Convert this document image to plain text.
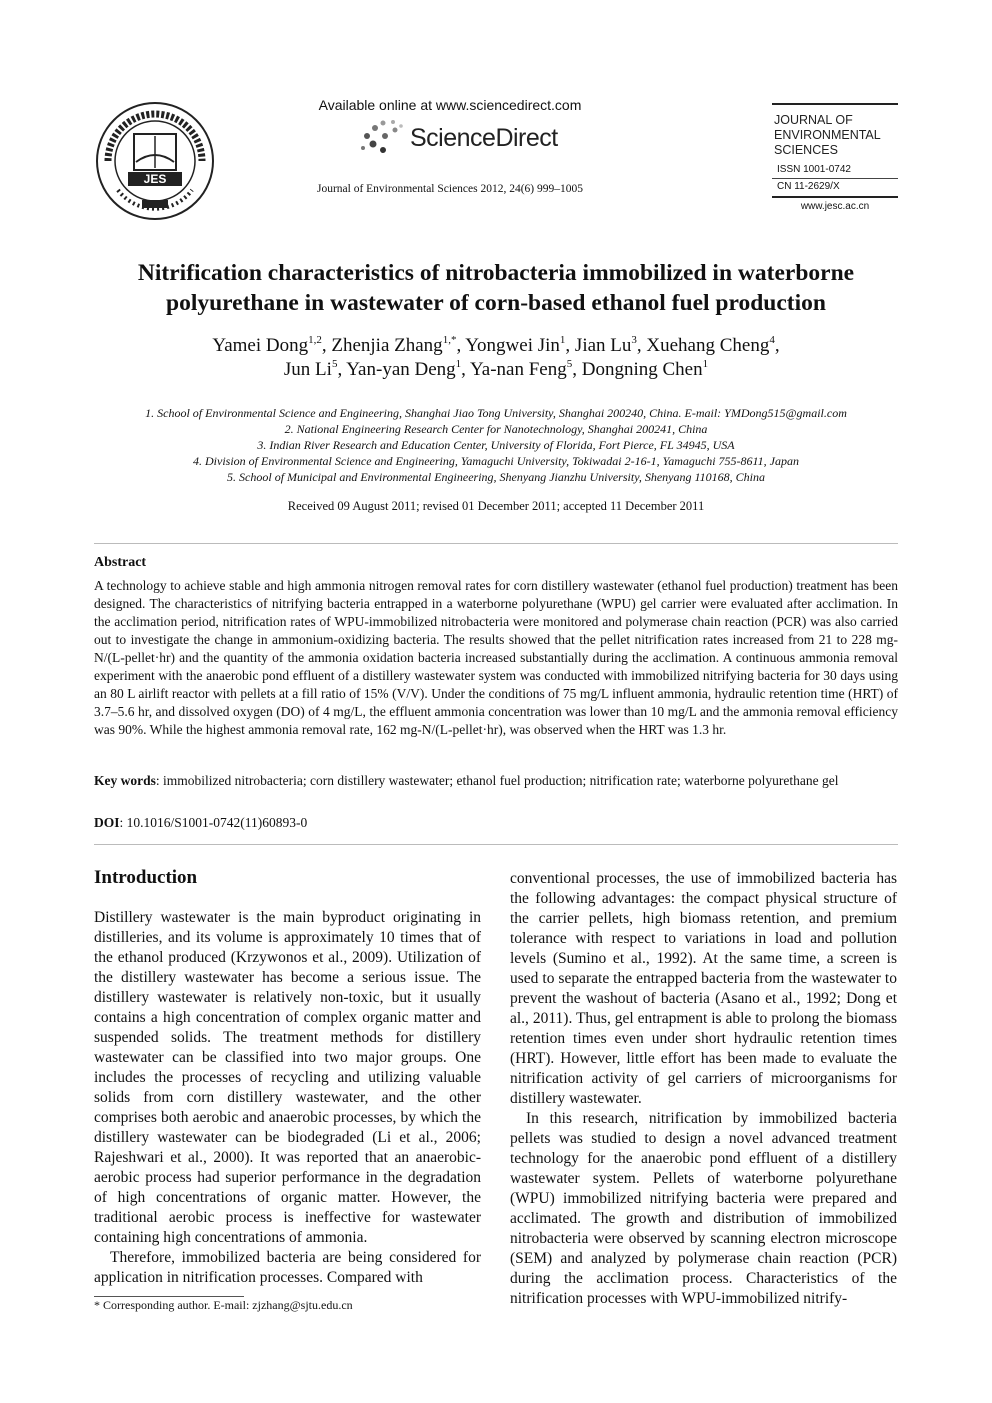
JES
Available online at www.sciencedirect.com
ScienceDirect
Journal of Environmental Sciences 2012, 24(6) 999–1005
JOURNAL OF
ENVIRONMENTAL
SCIENCES
ISSN 1001-0742
CN 11-2629/X
www.jesc.ac.cn
Nitrification characteristics of nitrobacteria immobilized in waterborne
polyurethane in wastewater of corn-based ethanol fuel production
Yamei Dong$^{1,2}$, Zhenjia Zhang$^{1,*}$, Yongwei Jin$^1$, Jian Lu$^3$, Xuehang Cheng$^4$,
Jun Li$^5$, Yan-yan Deng$^1$, Ya-nan Feng$^5$, Dongning Chen$^1$
1. School of Environmental Science and Engineering, Shanghai Jiao Tong University, Shanghai 200240, China. E-mail: YMDong515@gmail.com
2. National Engineering Research Center for Nanotechnology, Shanghai 200241, China
3. Indian River Research and Education Center, University of Florida, Fort Pierce, FL 34945, USA
4. Division of Environmental Science and Engineering, Yamaguchi University, Tokiwadai 2-16-1, Yamaguchi 755-8611, Japan
5. School of Municipal and Environmental Engineering, Shenyang Jianzhu University, Shenyang 110168, China
Received 09 August 2011; revised 01 December 2011; accepted 11 December 2011
Abstract
A technology to achieve stable and high ammonia nitrogen removal rates for corn distillery wastewater (ethanol fuel production) treatment has been designed. The characteristics of nitrifying bacteria entrapped in a waterborne polyurethane (WPU) gel carrier were evaluated after acclimation. In the acclimation period, nitrification rates of WPU-immobilized nitrobacteria were monitored and polymerase chain reaction (PCR) was also carried out to investigate the change in ammonium-oxidizing bacteria. The results showed that the pellet nitrification rates increased from 21 to 228 mg-N/(L-pellet·hr) and the quantity of the ammonia oxidation bacteria increased substantially during the acclimation. A continuous ammonia removal experiment with the anaerobic pond effluent of a distillery wastewater system was conducted with immobilized nitrifying bacteria for 30 days using an 80 L airlift reactor with pellets at a fill ratio of 15% (V/V). Under the conditions of 75 mg/L influent ammonia, hydraulic retention time (HRT) of 3.7–5.6 hr, and dissolved oxygen (DO) of 4 mg/L, the effluent ammonia concentration was lower than 10 mg/L and the ammonia removal efficiency was 90%. While the highest ammonia removal rate, 162 mg-N/(L-pellet·hr), was observed when the HRT was 1.3 hr.
Key words: immobilized nitrobacteria; corn distillery wastewater; ethanol fuel production; nitrification rate; waterborne polyurethane gel
DOI: 10.1016/S1001-0742(11)60893-0
Introduction

Distillery wastewater is the main byproduct originating in distilleries, and its volume is approximately 10 times that of the ethanol produced (Krzywonos et al., 2009). Utilization of the distillery wastewater has become a serious issue. The distillery wastewater is relatively non-toxic, but it usually contains a high concentration of complex organic matter and suspended solids. The treatment methods for distillery wastewater can be classified into two major groups. One includes the processes of recycling and utilizing valuable solids from corn distillery wastewater, and the other comprises both aerobic and anaerobic processes, by which the distillery wastewater can be biodegraded (Li et al., 2006; Rajeshwari et al., 2000). It was reported that an anaerobic-aerobic process had superior performance in the degradation of high concentrations of organic matter. However, the traditional aerobic process is ineffective for wastewater containing high concentrations of ammonia.

Therefore, immobilized bacteria are being considered for application in nitrification processes. Compared with

conventional processes, the use of immobilized bacteria has the following advantages: the compact physical structure of the carrier pellets, high biomass retention, and premium tolerance with respect to variations in load and pollution levels (Sumino et al., 1992). At the same time, a screen is used to separate the entrapped bacteria from the wastewater to prevent the washout of bacteria (Asano et al., 1992; Dong et al., 2011). Thus, gel entrapment is able to prolong the biomass retention times even under short hydraulic retention times (HRT). However, little effort has been made to evaluate the nitrification activity of gel carriers of microorganisms for distillery wastewater.

In this research, nitrification by immobilized bacteria pellets was studied to design a novel advanced treatment technology for the anaerobic pond effluent of a distillery wastewater system. Pellets of waterborne polyurethane (WPU) immobilized nitrifying bacteria were prepared and acclimated. The growth and distribution of immobilized nitrobacteria were observed by scanning electron microscope (SEM) and analyzed by polymerase chain reaction (PCR) during the acclimation process. Characteristics of the nitrification processes with WPU-immobilized nitrify-

* Corresponding author. E-mail: zjzhang@sjtu.edu.cn
